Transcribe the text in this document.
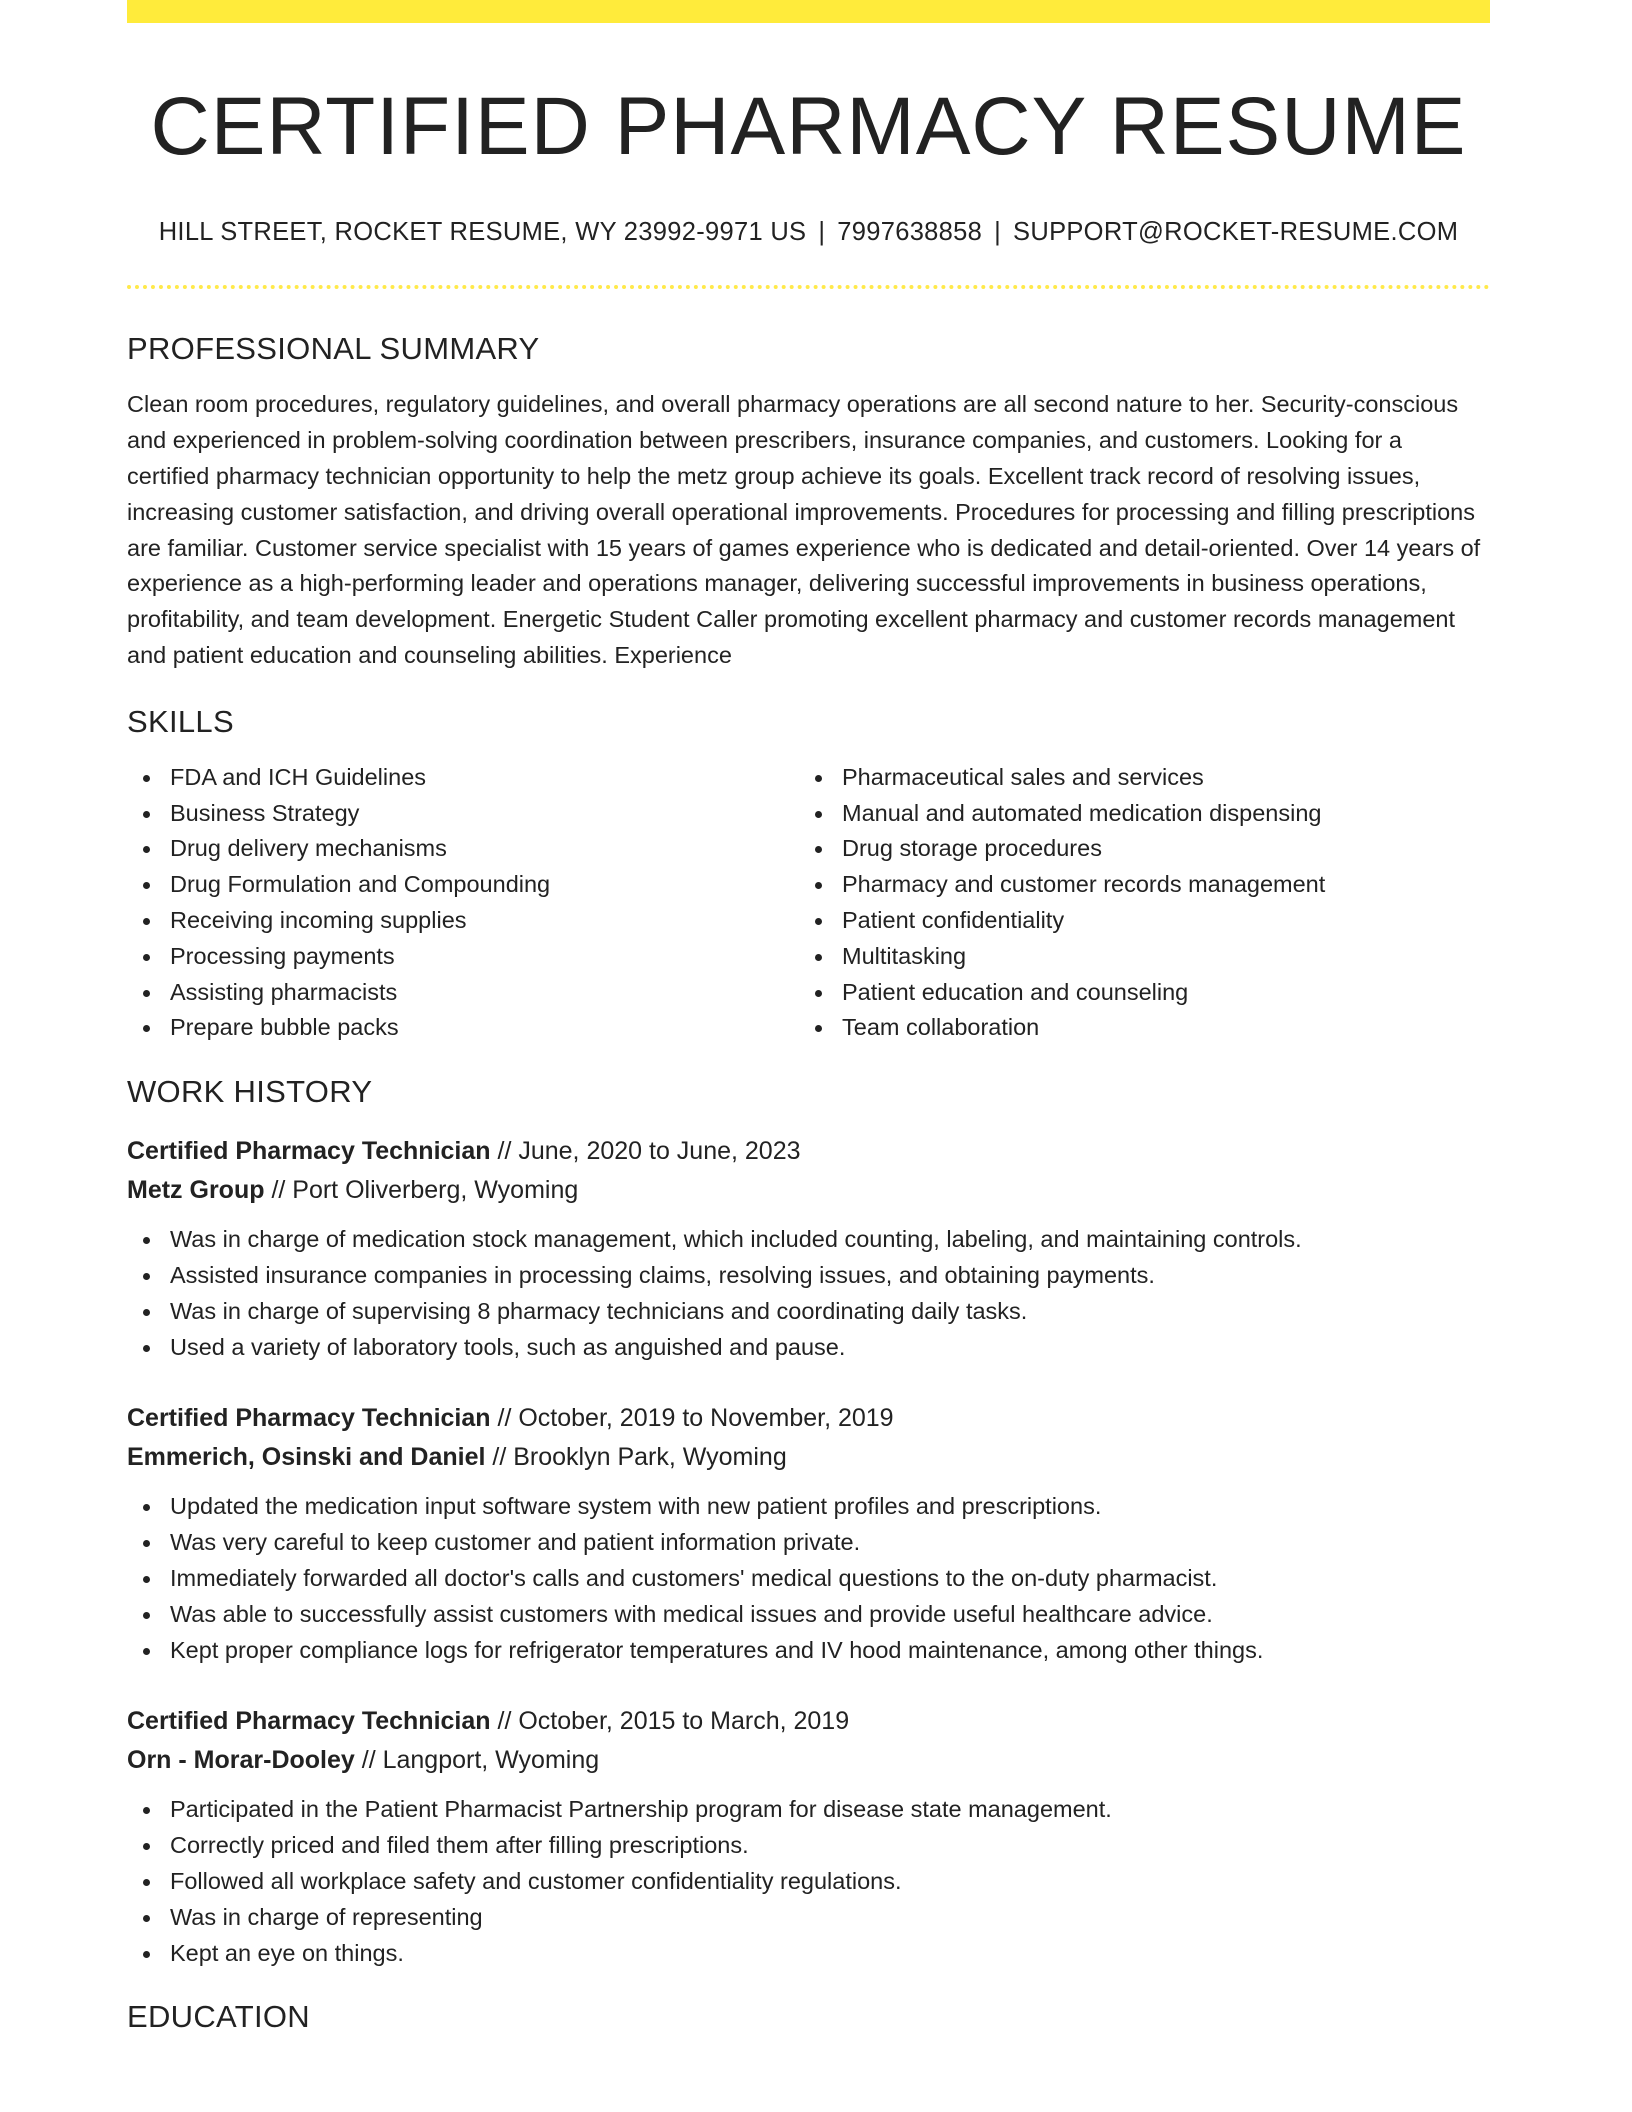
CERTIFIED PHARMACY RESUME
HILL STREET, ROCKET RESUME, WY 23992-9971 US | 7997638858 | SUPPORT@ROCKET-RESUME.COM
PROFESSIONAL SUMMARY

Clean room procedures, regulatory guidelines, and overall pharmacy operations are all second nature to her. Security-conscious and experienced in problem-solving coordination between prescribers, insurance companies, and customers. Looking for a certified pharmacy technician opportunity to help the metz group achieve its goals. Excellent track record of resolving issues, increasing customer satisfaction, and driving overall operational improvements. Procedures for processing and filling prescriptions are familiar. Customer service specialist with 15 years of games experience who is dedicated and detail-oriented. Over 14 years of experience as a high-performing leader and operations manager, delivering successful improvements in business operations, profitability, and team development. Energetic Student Caller promoting excellent pharmacy and customer records management and patient education and counseling abilities. Experience

SKILLS
FDA and ICH Guidelines
Business Strategy
Drug delivery mechanisms
Drug Formulation and Compounding
Receiving incoming supplies
Processing payments
Assisting pharmacists
Prepare bubble packs
Pharmaceutical sales and services
Manual and automated medication dispensing
Drug storage procedures
Pharmacy and customer records management
Patient confidentiality
Multitasking
Patient education and counseling
Team collaboration
WORK HISTORY
Certified Pharmacy Technician // June, 2020 to June, 2023
Metz Group // Port Oliverberg, Wyoming
Was in charge of medication stock management, which included counting, labeling, and maintaining controls.
Assisted insurance companies in processing claims, resolving issues, and obtaining payments.
Was in charge of supervising 8 pharmacy technicians and coordinating daily tasks.
Used a variety of laboratory tools, such as anguished and pause.
Certified Pharmacy Technician // October, 2019 to November, 2019
Emmerich, Osinski and Daniel // Brooklyn Park, Wyoming
Updated the medication input software system with new patient profiles and prescriptions.
Was very careful to keep customer and patient information private.
Immediately forwarded all doctor's calls and customers' medical questions to the on-duty pharmacist.
Was able to successfully assist customers with medical issues and provide useful healthcare advice.
Kept proper compliance logs for refrigerator temperatures and IV hood maintenance, among other things.
Certified Pharmacy Technician // October, 2015 to March, 2019
Orn - Morar-Dooley // Langport, Wyoming
Participated in the Patient Pharmacist Partnership program for disease state management.
Correctly priced and filed them after filling prescriptions.
Followed all workplace safety and customer confidentiality regulations.
Was in charge of representing
Kept an eye on things.
EDUCATION
